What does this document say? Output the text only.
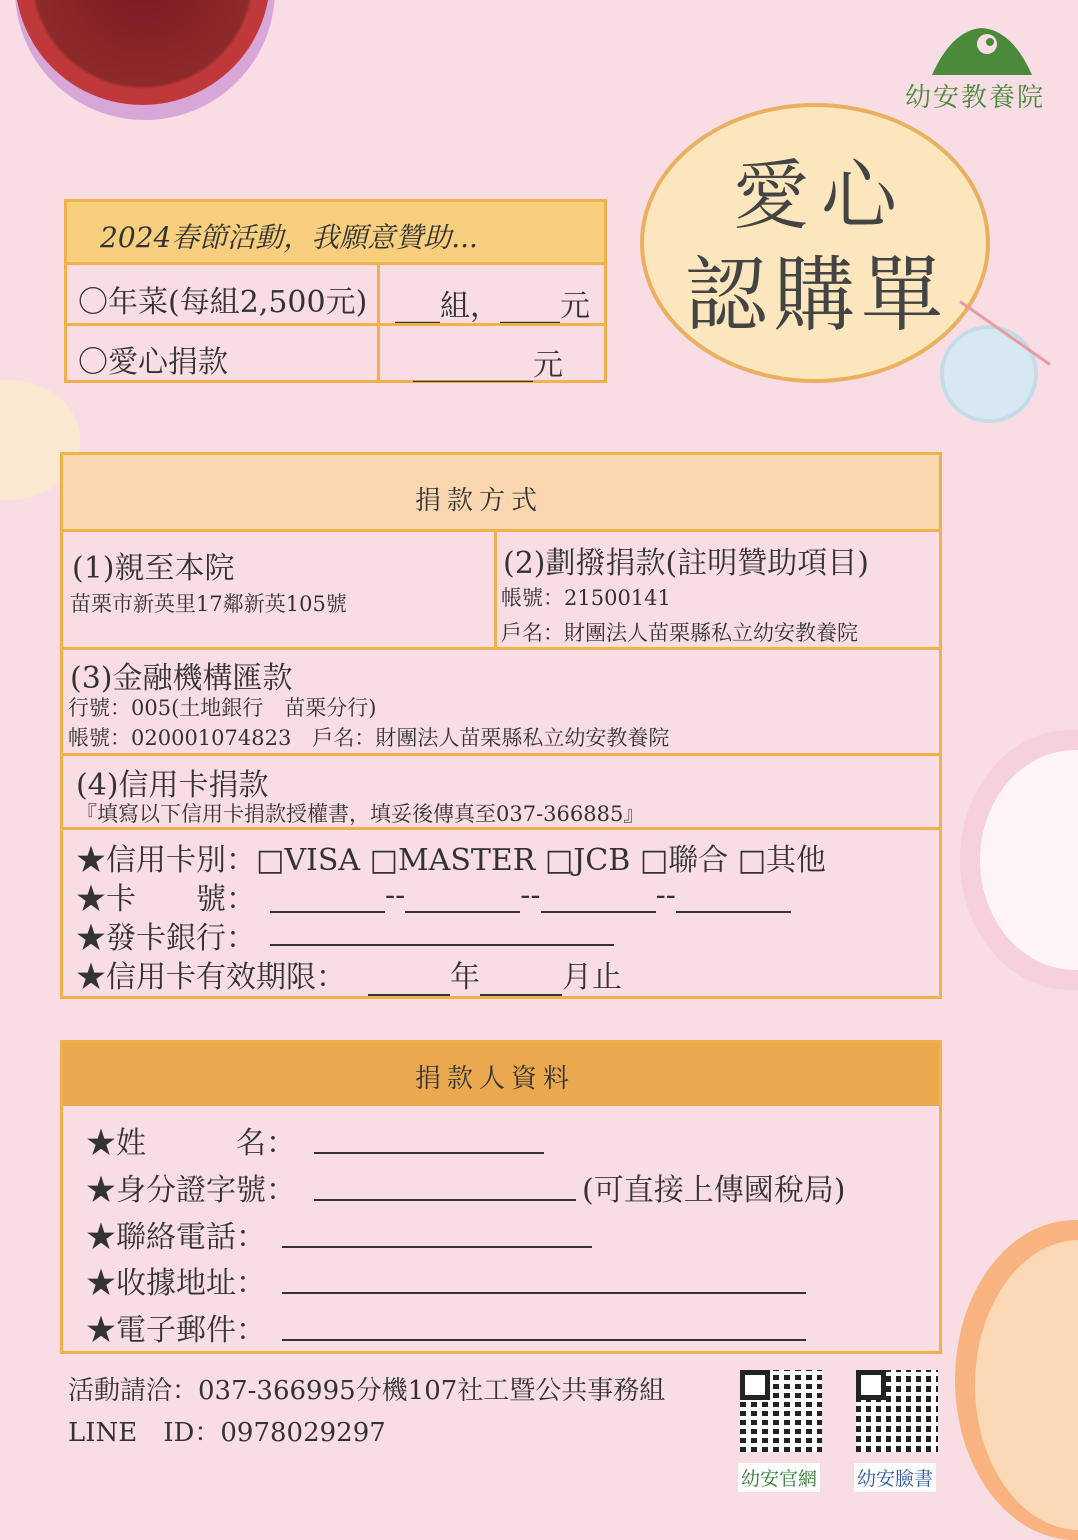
幼安教養院
愛心
認購單
2024春節活動，我願意贊助...
〇年菜(每組2,500元) ___組，____元
〇愛心捐款	________元
捐款方式
(1)親至本院
苗栗市新英里17鄰新英105號
(2)劃撥捐款(註明贊助項目)
帳號：21500141
戶名：財團法人苗栗縣私立幼安教養院
(3)金融機構匯款
行號：005(土地銀行　苗栗分行)
帳號：020001074823　戶名：財團法人苗栗縣私立幼安教養院
(4)信用卡捐款
『填寫以下信用卡捐款授權書，填妥後傳真至037-366885』
★信用卡別：□VISA □MASTER □JCB □聯合 □其他
★卡　　號：	--	--	--
★發卡銀行：
★信用卡有效期限：	年	月止
捐款人資料
★姓　　　名：
★身分證字號：	(可直接上傳國稅局)
★聯絡電話：
★收據地址：
★電子郵件：
活動請洽：037-366995分機107社工暨公共事務組
LINE　ID：0978029297
幼安官網 幼安臉書
